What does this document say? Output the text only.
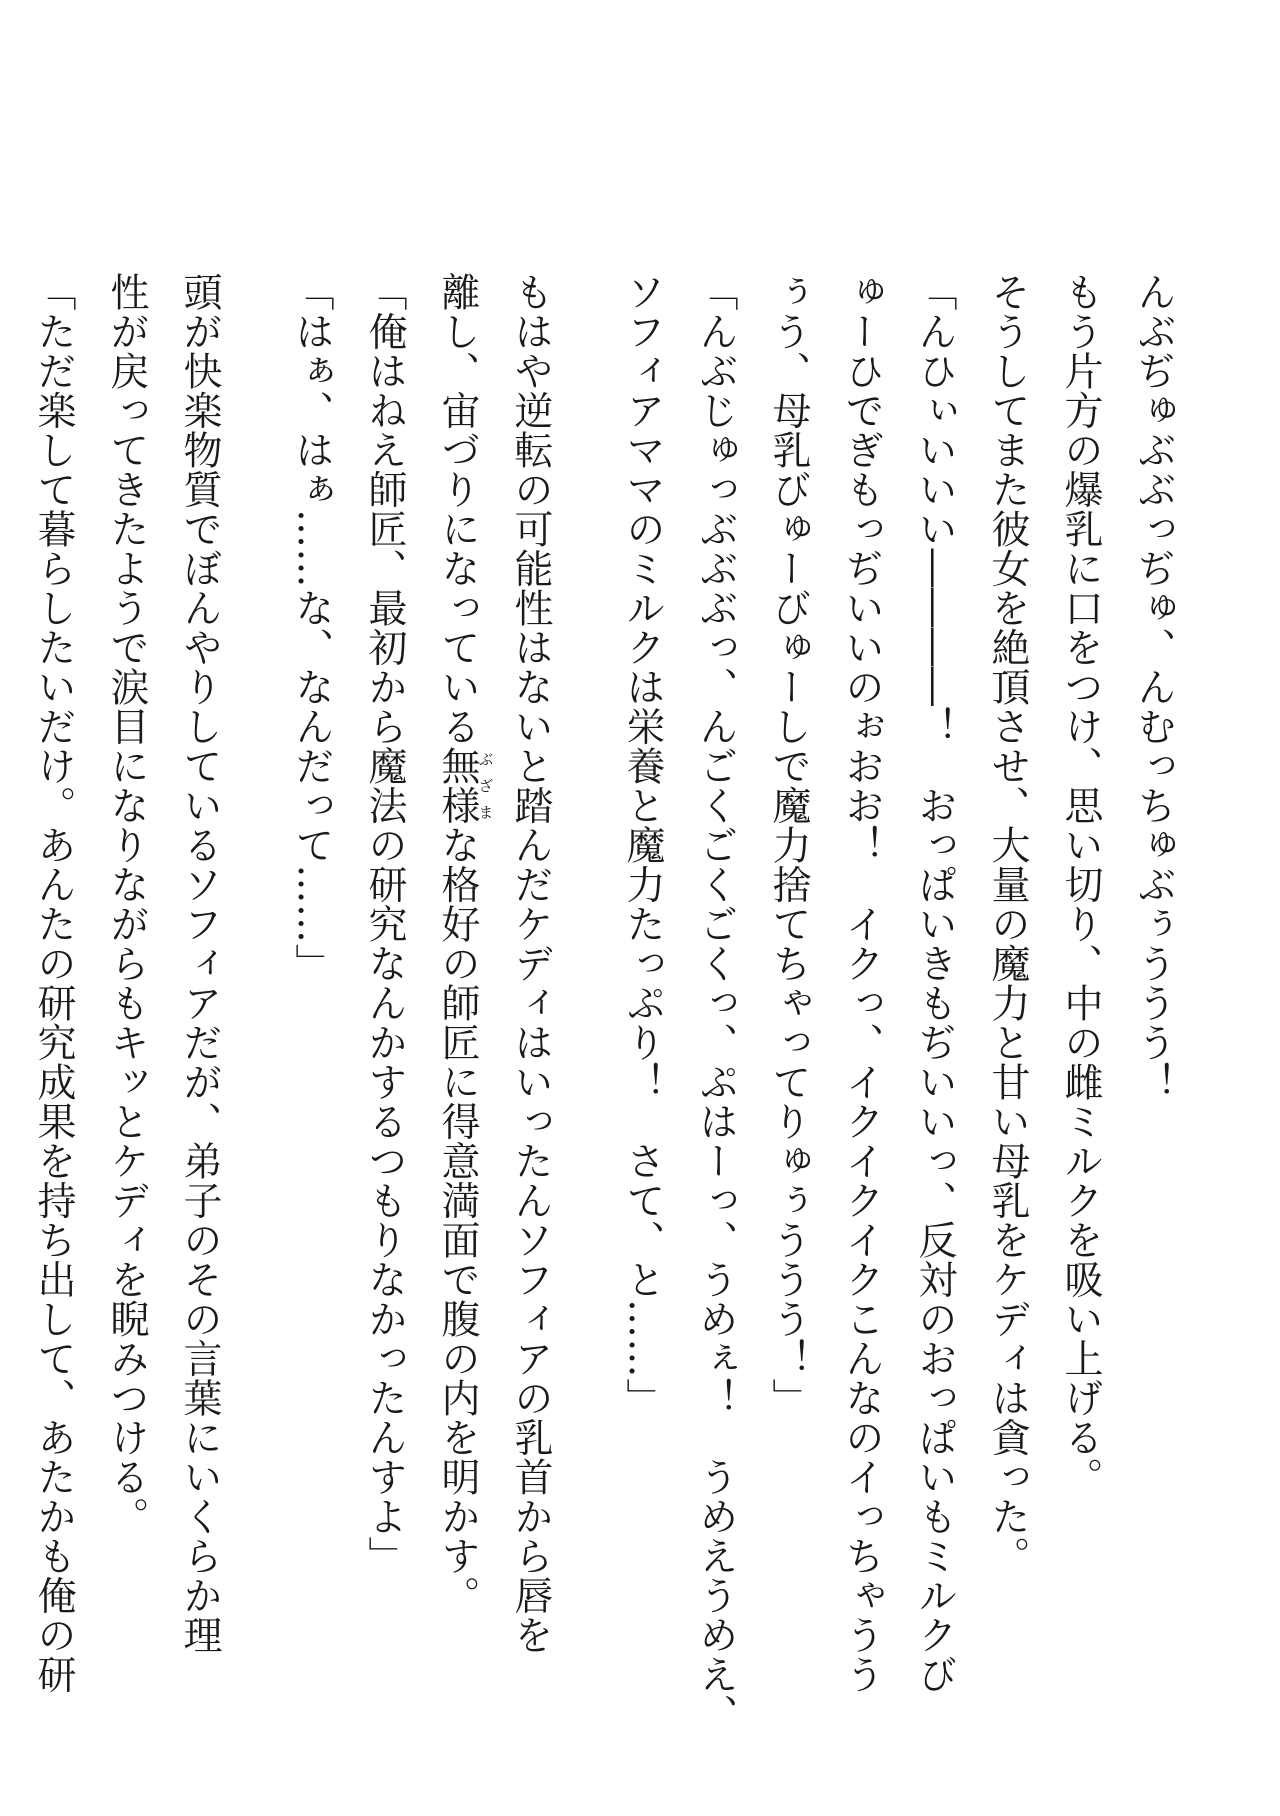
んぶぢゅぶぶっぢゅ、んむっちゅぶぅううう！
もう片方の爆乳に口をつけ、思い切り、中の雌ミルクを吸い上げる。
そうしてまた彼女を絶頂させ、大量の魔力と甘い母乳をケディは貪った。
「んひぃいいい――――！　おっぱいきもぢいいっ、反対のおっぱいもミルクび
ゅーひでぎもっぢいいのぉおお！　イクっ、イクイクイクこんなのイっちゃうう
ぅう、母乳びゅーびゅーしで魔力捨てちゃってりゅぅううう！」
「んぶじゅっぶぶぶっ、んごくごくごくっ、ぷはーっ、うめぇ！　うめえうめえ、
ソフィアママのミルクは栄養と魔力たっぷり！　さて、と……」
もはや逆転の可能性はないと踏んだケディはいったんソフィアの乳首から唇を
離し、宙づりになっている無様ぶざまな格好の師匠に得意満面で腹の内を明かす。
「俺はねえ師匠、最初から魔法の研究なんかするつもりなかったんすよ」
「はぁ、はぁ……な、なんだって……」
頭が快楽物質でぼんやりしているソフィアだが、弟子のその言葉にいくらか理
性が戻ってきたようで涙目になりながらもキッとケディを睨みつける。
「ただ楽して暮らしたいだけ。あんたの研究成果を持ち出して、あたかも俺の研
